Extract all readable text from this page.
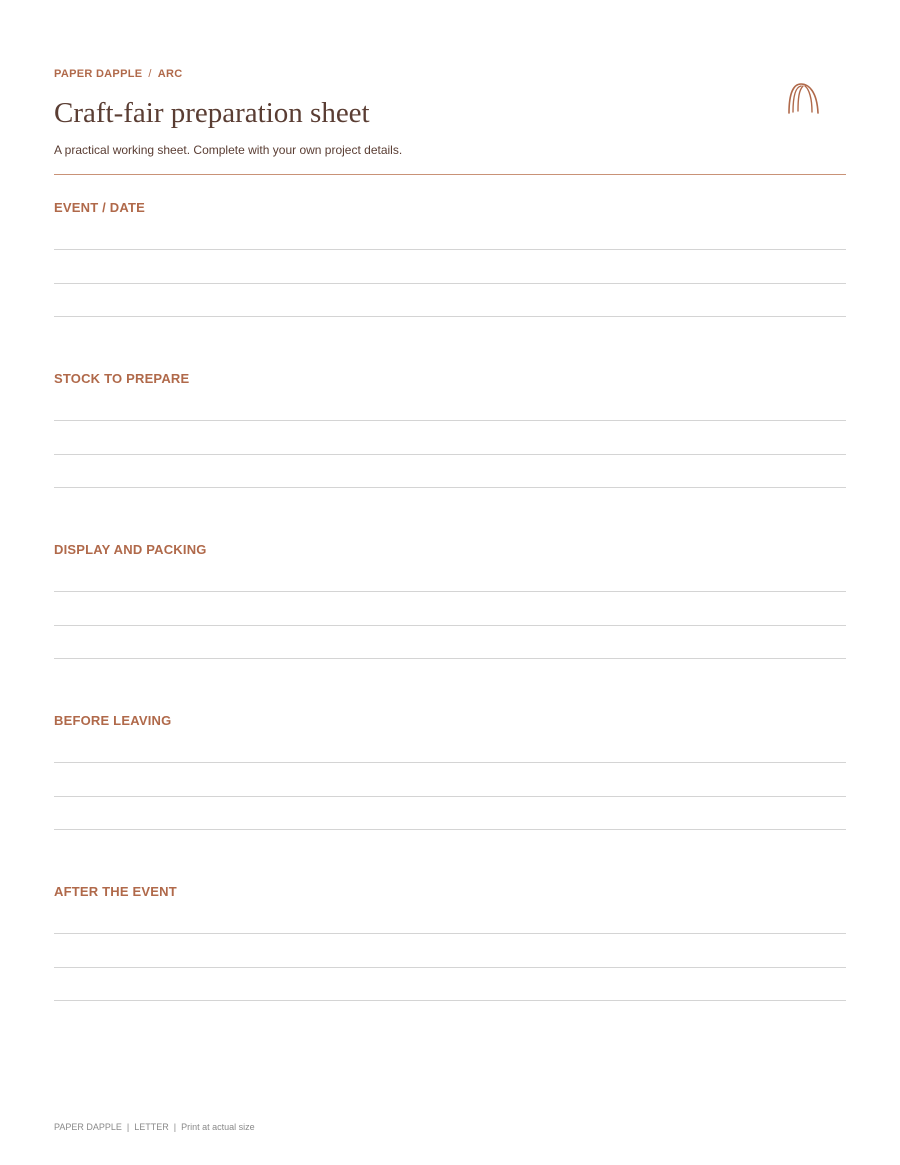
PAPER DAPPLE / ARC
Craft-fair preparation sheet
A practical working sheet. Complete with your own project details.
EVENT / DATE
STOCK TO PREPARE
DISPLAY AND PACKING
BEFORE LEAVING
AFTER THE EVENT
PAPER DAPPLE | LETTER | Print at actual size
